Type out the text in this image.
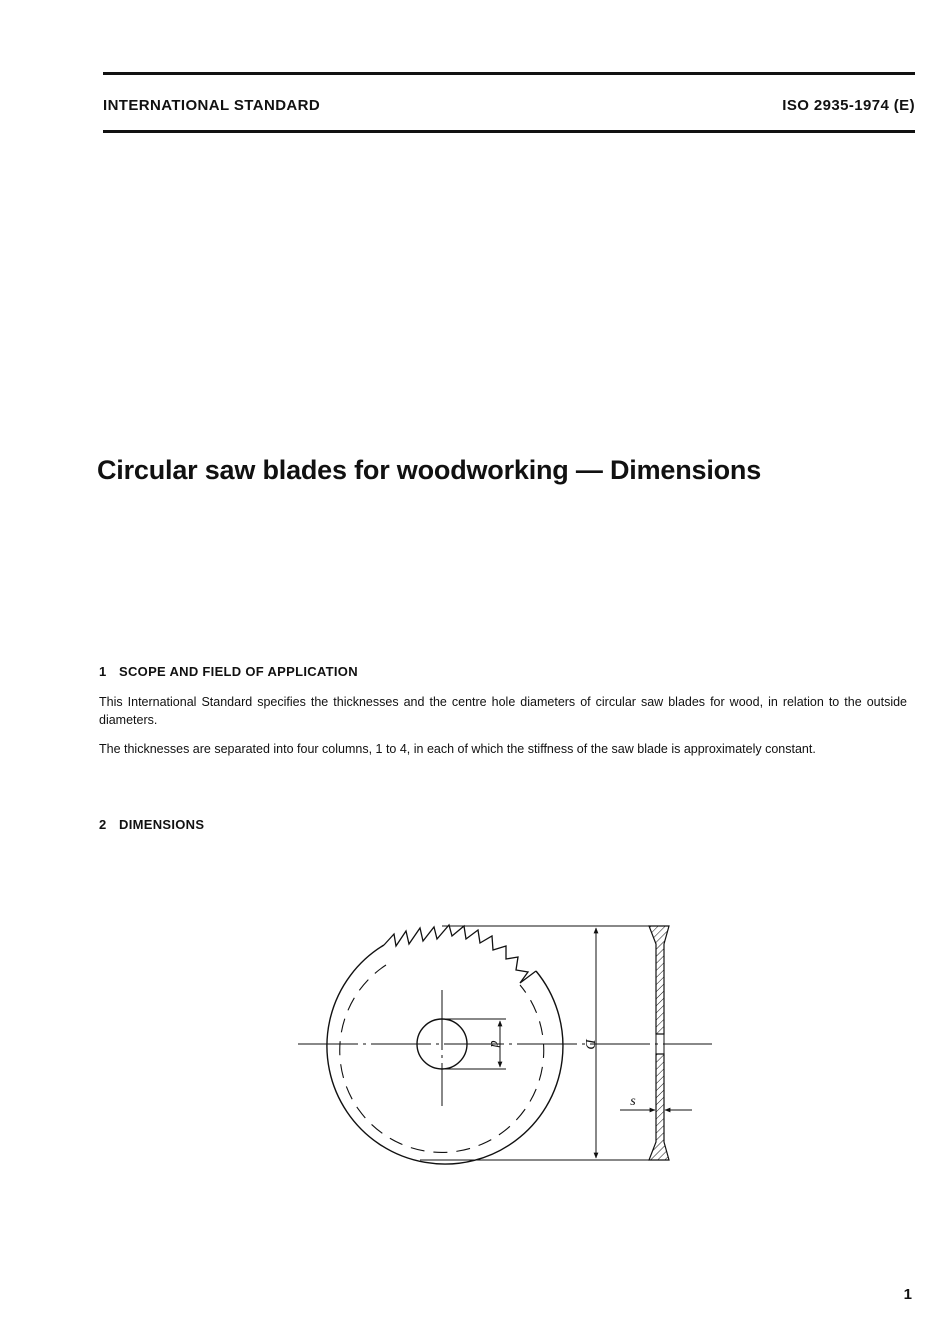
INTERNATIONAL STANDARD	ISO 2935-1974 (E)
Circular saw blades for woodworking — Dimensions
1 SCOPE AND FIELD OF APPLICATION
This International Standard specifies the thicknesses and the centre hole diameters of circular saw blades for wood, in relation to the outside diameters.
The thicknesses are separated into four columns, 1 to 4, in each of which the stiffness of the saw blade is approximately constant.
2 DIMENSIONS
d	D
s
1
